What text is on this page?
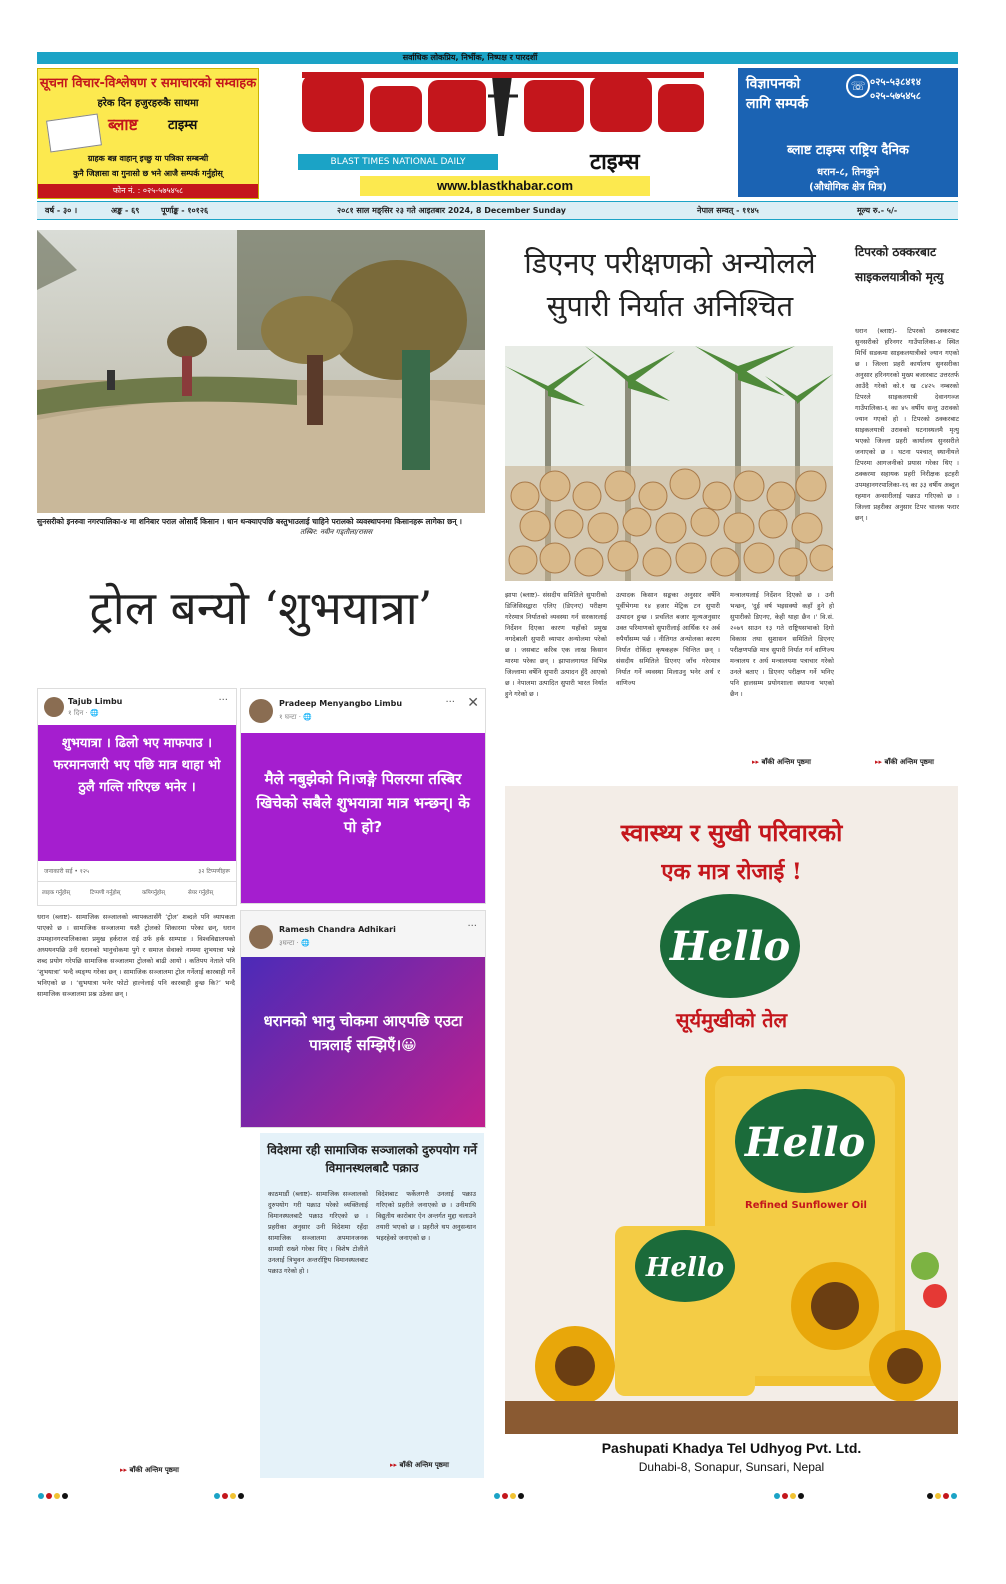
सर्वाधिक लोकप्रिय, निर्भीक, निष्पक्ष र पारदर्शी
सूचना विचार-विश्लेषण र समाचारको सम्वाहक
हरेक दिन हजुरहरुकै साथमा
ब्लाष्ट टाइम्स
ग्राहक बन्न वाहान् इच्छु या पत्रिका सम्बन्धी
कुनै जिज्ञासा वा गुनासो छ भने आजै सम्पर्क गर्नुहोस्
फोन नं. : ०२५-५७५४५८
BLAST TIMES NATIONAL DAILY	टाइम्स
www.blastkhabar.com
विज्ञापनको
लागि सम्पर्क
☏ ०२५-५३८४१४
०२५-५७५४५८
ब्लाष्ट टाइम्स राष्ट्रिय दैनिक
धरान-८, तिनकुने
(औधोगिक क्षेत्र मित्र)
वर्ष - ३० ।	अङ्क - ६९	पूर्णाङ्क - १०१२६	२०८१ साल मङ्सिर २३ गते आइतबार 2024, 8 December Sunday	नेपाल सम्वत् - ११४५	मूल्य रु.- ५/-
सुनसरीको इनरुवा नगरपालिका-४ मा शनिबार पराल ओसार्दै किसान । धान थन्क्याएपछि बस्तुभाउलाई चाहिने परालको व्यवस्थापनमा किसानहरू लागेका छन् ।
तस्बिर: नवीन गड्तौला/रासस
डिएनए परीक्षणको अन्योलले
सुपारी निर्यात अनिश्चित
झापा (ब्लाष्ट)- संसदीय समितिले सुपारीको डिजिसिसद्वारा एलिए (डिएनए) परीक्षण गरेरमात्र निर्यातको व्यवस्था गर्न सरकारलाई निर्देशन दिएका कारण यहाँको प्रमुख नगदेबाली सुपारी व्यापार अन्योलमा परेको छ । जसबाट करिब एक लाख किसान मारमा परेका छन् । झापालगायत विभिन्न जिल्लामा वर्षेनि सुपारी उत्पादन हुँदै आएको छ । नेपालमा उत्पादित सुपारी भारत निर्यात हुने गरेको छ ।
उत्पादक किसान सङ्घका अनुसार वर्षेनि पूर्वीभेगमा १४ हजार मेट्रिक टन सुपारी उत्पादन हुन्छ । प्रचलित बजार मूल्यअनुसार उक्त परिमाणको सुपारीलाई आर्थिक १२ अर्ब रुपैयाँसम्म पर्छ । नीतिगत अन्योलका कारण निर्यात रोकिँदा कृषकहरू चिन्तित छन् । संसदीय समितिले डिएनए जाँच गरेरमात्र निर्यात गर्ने व्यवस्था मिलाउनु भनेर अर्थ र वाणिज्य
मन्त्रालयलाई निर्देशन दिएको छ । उनी भन्छन्, 'दुई वर्ष भइसक्यो कहाँ हुने हो सुपारीको डिएनए, केही थाहा छैन ।' वि.सं. २०७९ साउन १३ गते राष्ट्रियसभाको दिगो विकास तथा सुशासन समितिले डिएनए परीक्षणपछि मात्र सुपारी निर्यात गर्न वाणिज्य मन्त्रालय र अर्थ मन्त्रालयमा पत्राचार गरेको उनले बताए । डिएनए परीक्षण गर्ने भनिए पनि हालसम्म प्रयोगशाला स्थापना भएको छैन ।
▸▸ बाँकी अन्तिम पृष्ठमा
टिपरको ठक्करबाट साइकलयात्रीको मृत्यु
धरान (ब्लाष्ट)- टिपरको ठक्करबाट सुनसरीको हरिनगर गाउँपालिका-४ स्थित मिर्चि सडकमा साइकलयात्रीको ज्यान गएको छ । जिल्ला प्रहरी कार्यालय सुनसरीका अनुसार हरिनगरको मुख्य बजारबाट उत्तरतर्फ आउँदै गरेको को.१ ख ८४२५ नम्बरको टिपरले साइकलयात्री देवानगञ्ज गाउँपालिका-६ का ४५ वर्षीय सन्तु उरावको ज्यान गएको हो । टिपरको ठक्करबाट साइकलयात्री उरावको घटनास्थलमै मृत्यु भएको जिल्ला प्रहरी कार्यालय सुनसरीले जनाएको छ । घटना पश्चात् स्थानीयले टिपरमा आगजनीको प्रयास गरेका थिए । ठक्करमा सहायक प्रहरी निरीक्षक इटहरी उपमहानगरपालिका-१६ का ३३ वर्षीय अब्दुल रहमान अन्सारीलाई पक्राउ गरिएको छ । जिल्ला प्रहरीका अनुसार टिपर चालक फरार छन् ।
▸▸ बाँकी अन्तिम पृष्ठमा
ट्रोल बन्यो ‘शुभयात्रा’
Tajub Limbu
१ दिन · 🌐
···
शुभयात्रा । ढिलो भए माफपाउ । फरमानजारी भए पछि मात्र थाहा भो ठुलै गल्ति गरिएछ भनेर ।
जनाकारी सर्ई • १२५	३२ टिप्पणीहरू
लाइक गर्नुहोस्	टिप्पणी गर्नुहोस्	कपिगर्नुहोस्	सेयर गर्नुहोस्
Pradeep Menyangbo Limbu
१ घन्टा · 🌐
··· ✕
मैले नबुझेको नि।जङ्गे पिलरमा तस्बिर खिचेको सबैले शुभयात्रा मात्र भन्छन्। के पो हो?
Ramesh Chandra Adhikari
३घन्टा · 🌐
···
धरानको भानु चोकमा आएपछि एउटा पात्रलाई सम्झिएँ।😀
धरान (ब्लाष्ट)- सामाजिक सञ्जालको व्यापकतासँगै ‘ट्रोल’ शब्दले पनि व्यापकता पाएको छ । सामाजिक सञ्जालमा यस्तै ट्रोलको शिकारमा परेका छन्, धरान उपमहानगरपालिकाका प्रमुख हर्कराज राई उर्फ हर्क साम्पाङ । विश्वविद्यालयको अध्ययनपछि उनी धरानको भानुचोकमा पुगे र समाज सेवाको नाममा शुभयात्रा भन्ने शब्द प्रयोग गरेपछि सामाजिक सञ्जालमा ट्रोलको बाढी आयो । कतिपय नेताले पनि ‘शुभयात्रा’ भन्दै व्यङ्ग्य गरेका छन् । सामाजिक सञ्जालमा ट्रोल गर्नेलाई कारबाही गर्ने भनिएको छ । ‘सुभयात्रा भनेर फोटो हाल्नेलाई पनि कारबाही हुन्छ कि?’ भन्दै सामाजिक सञ्जालमा प्रश्न उठेका छन् ।
▸▸ बाँकी अन्तिम पृष्ठमा
विदेशमा रही सामाजिक सञ्जालको दुरुपयोग गर्ने विमानस्थलबाटै पक्राउ
काठमाडौं (ब्लाष्ट)- सामाजिक सञ्जालको दुरुपयोग गरी पक्राउ परेको व्यक्तिलाई विमानस्थलबाटै पक्राउ गरिएको छ । प्रहरीका अनुसार उनी विदेशमा रहँदा सामाजिक सञ्जालमा अपमानजनक सामग्री राख्ने गरेका थिए । विशेष टोलीले उनलाई त्रिभुवन अन्तर्राष्ट्रिय विमानस्थलबाट पक्राउ गरेको हो ।
विदेशबाट फर्केलगत्तै उनलाई पक्राउ गरिएको प्रहरीले जनाएको छ । उनीमाथि विद्युतीय कारोबार ऐन अन्तर्गत मुद्दा चलाउने तयारी भएको छ । प्रहरीले थप अनुसन्धान भइरहेको जनाएको छ ।
▸▸ बाँकी अन्तिम पृष्ठमा
स्वास्थ्य र सुखी परिवारको
एक मात्र रोजाई !
Hello
Hello
Hello
सूर्यमुखीको तेल
Refined Sunflower Oil
Pashupati Khadya Tel Udhyog Pvt. Ltd.
Duhabi-8, Sonapur, Sunsari, Nepal
